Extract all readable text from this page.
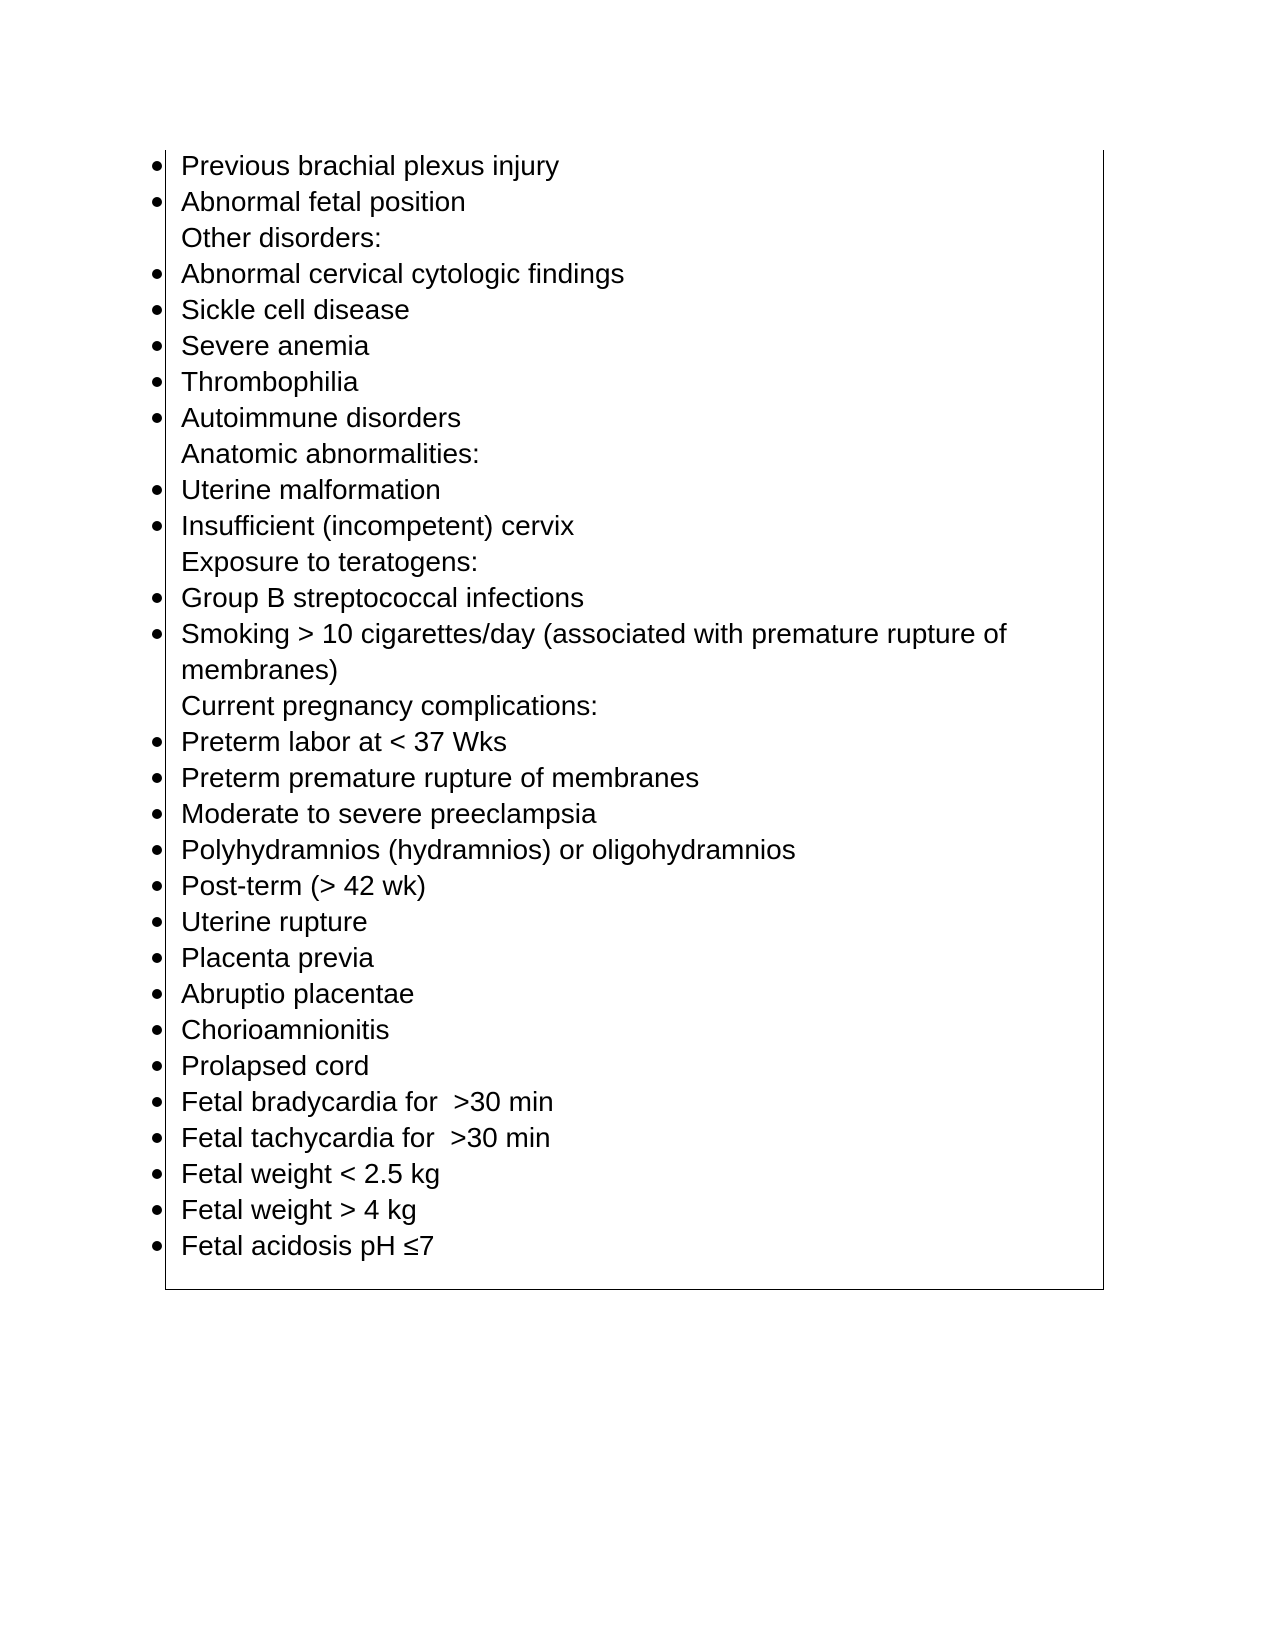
Previous brachial plexus injury
Abnormal fetal position
Other disorders:
Abnormal cervical cytologic findings
Sickle cell disease
Severe anemia
Thrombophilia
Autoimmune disorders
Anatomic abnormalities:
Uterine malformation
Insufficient (incompetent) cervix
Exposure to teratogens:
Group B streptococcal infections
Smoking > 10 cigarettes/day (associated with premature rupture of membranes)
Current pregnancy complications:
Preterm labor at < 37 Wks
Preterm premature rupture of membranes
Moderate to severe preeclampsia
Polyhydramnios (hydramnios) or oligohydramnios
Post-term (> 42 wk)
Uterine rupture
Placenta previa
Abruptio placentae
Chorioamnionitis
Prolapsed cord
Fetal bradycardia for  >30 min
Fetal tachycardia for  >30 min
Fetal weight < 2.5 kg
Fetal weight > 4 kg
Fetal acidosis pH ≤7
